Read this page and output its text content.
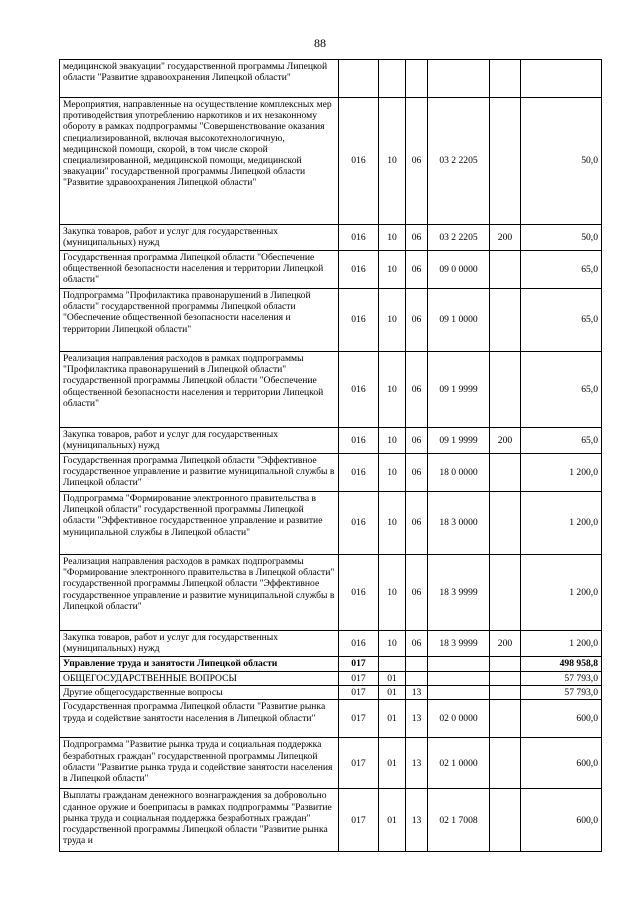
88
медицинской эвакуации" государственной программы Липецкой области "Развитие здравоохранения Липецкой области"						
Мероприятия, направленные на осуществление комплексных мер противодействия употреблению наркотиков и их незаконному обороту в рамках подпрограммы "Совершенствование оказания специализированной, включая высокотехнологичную, медицинской помощи, скорой, в том числе скорой специализированной, медицинской помощи, медицинской эвакуации" государственной программы Липецкой области "Развитие здравоохранения Липецкой области"	016	10	06	03 2 2205		50,0
Закупка товаров, работ и услуг для государственных (муниципальных) нужд	016	10	06	03 2 2205	200	50,0
Государственная программа Липецкой области "Обеспечение общественной безопасности населения и территории Липецкой области"	016	10	06	09 0 0000		65,0
Подпрограмма "Профилактика правонарушений в Липецкой области" государственной программы Липецкой области "Обеспечение общественной безопасности населения и территории Липецкой области"	016	10	06	09 1 0000		65,0
Реализация направления расходов в рамках подпрограммы "Профилактика правонарушений в Липецкой области" государственной программы Липецкой области "Обеспечение общественной безопасности населения и территории Липецкой области"	016	10	06	09 1 9999		65,0
Закупка товаров, работ и услуг для государственных (муниципальных) нужд	016	10	06	09 1 9999	200	65,0
Государственная программа Липецкой области "Эффективное государственное управление и развитие муниципальной службы в Липецкой области"	016	10	06	18 0 0000		1 200,0
Подпрограмма "Формирование электронного правительства в Липецкой области" государственной программы Липецкой области "Эффективное государственное управление и развитие муниципальной службы в Липецкой области"	016	10	06	18 3 0000		1 200,0
Реализация направления расходов в рамках подпрограммы "Формирование электронного правительства в Липецкой области" государственной программы Липецкой области "Эффективное государственное управление и развитие муниципальной службы в Липецкой области"	016	10	06	18 3 9999		1 200,0
Закупка товаров, работ и услуг для государственных (муниципальных) нужд	016	10	06	18 3 9999	200	1 200,0
Управление труда и занятости Липецкой области	017					498 958,8
ОБЩЕГОСУДАРСТВЕННЫЕ ВОПРОСЫ	017	01				57 793,0
Другие общегосударственные вопросы	017	01	13			57 793,0
Государственная программа Липецкой области "Развитие рынка труда и содействие занятости населения в Липецкой области"	017	01	13	02 0 0000		600,0
Подпрограмма "Развитие рынка труда и социальная поддержка безработных граждан" государственной программы Липецкой области "Развитие рынка труда и содействие занятости населения в Липецкой области"	017	01	13	02 1 0000		600,0
Выплаты гражданам денежного вознаграждения за добровольно сданное оружие и боеприпасы в рамках подпрограммы "Развитие рынка труда и социальная поддержка безработных граждан" государственной программы Липецкой области "Развитие рынка труда и	017	01	13	02 1 7008		600,0
